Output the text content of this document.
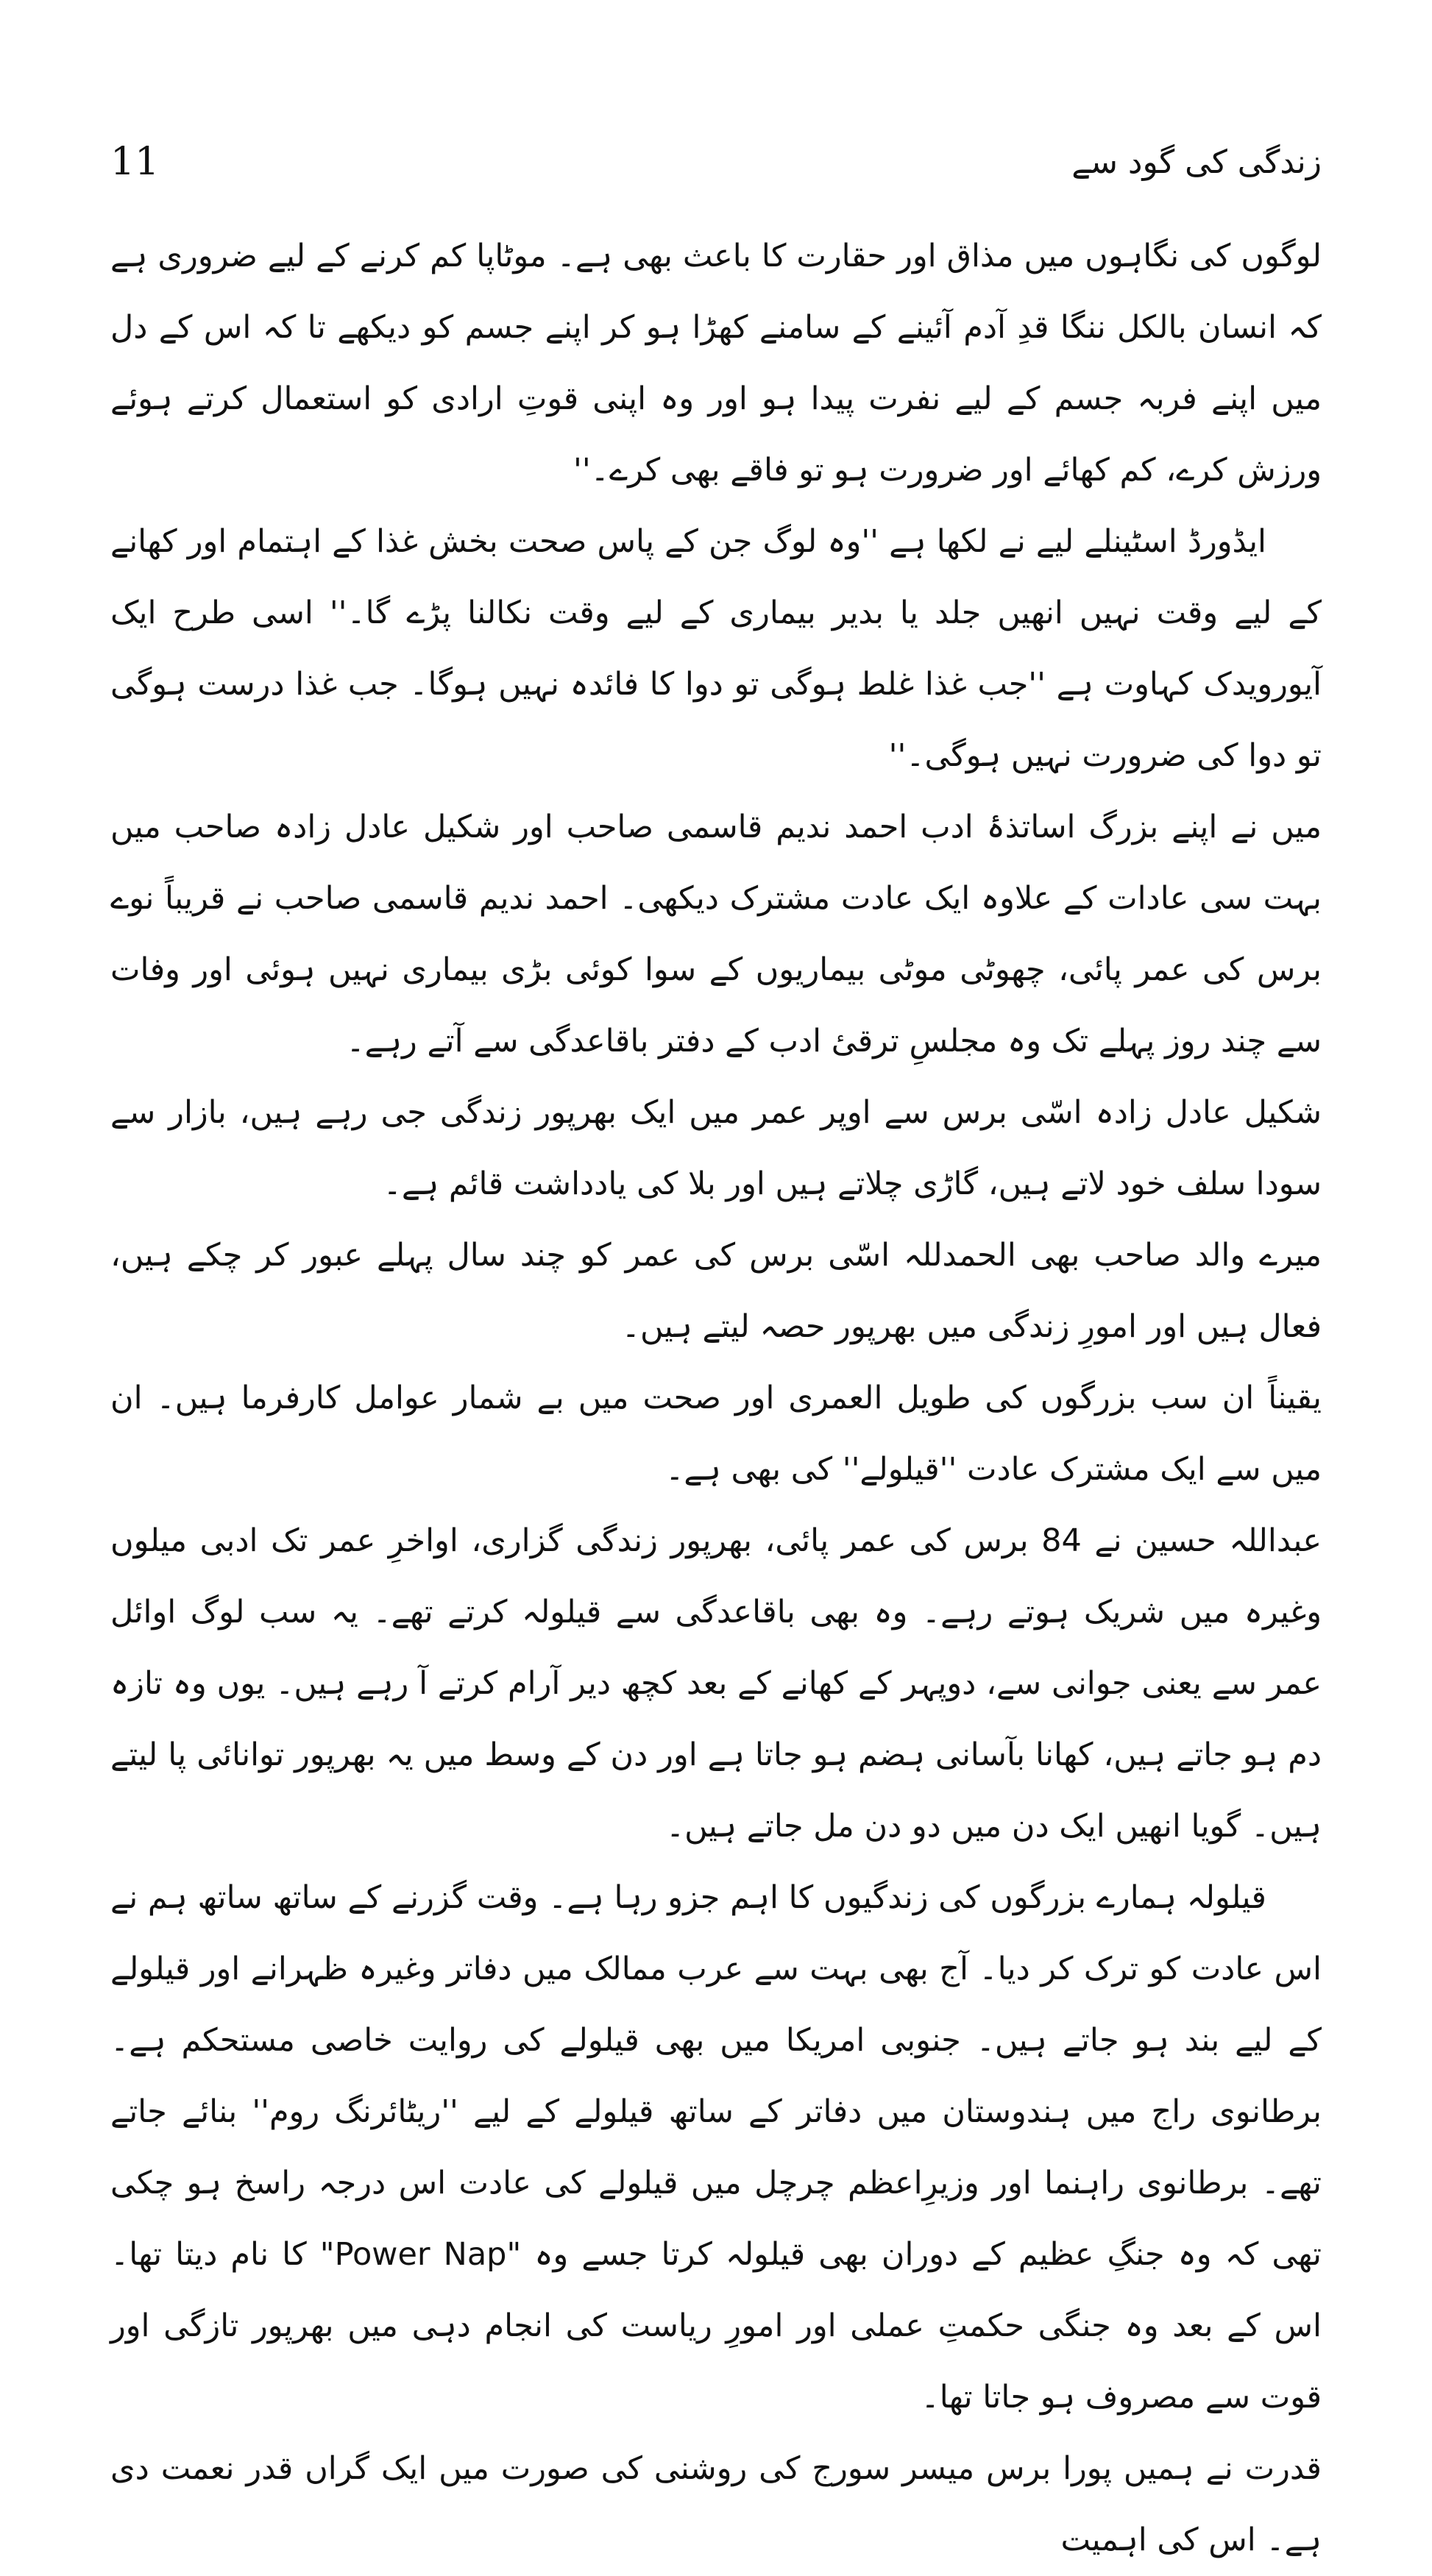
11	زندگی کی گود سے

لوگوں کی نگاہوں میں مذاق اور حقارت کا باعث بھی ہے۔ موٹاپا کم کرنے کے لیے ضروری ہے کہ انسان بالکل ننگا قدِ آدم آئینے کے سامنے کھڑا ہو کر اپنے جسم کو دیکھے تا کہ اس کے دل میں اپنے فربہ جسم کے لیے نفرت پیدا ہو اور وہ اپنی قوتِ ارادی کو استعمال کرتے ہوئے ورزش کرے، کم کھائے اور ضرورت ہو تو فاقے بھی کرے۔''

ایڈورڈ اسٹینلے لیے نے لکھا ہے ''وہ لوگ جن کے پاس صحت بخش غذا کے اہتمام اور کھانے کے لیے وقت نہیں انھیں جلد یا بدیر بیماری کے لیے وقت نکالنا پڑے گا۔'' اسی طرح ایک آیورویدک کہاوت ہے ''جب غذا غلط ہوگی تو دوا کا فائدہ نہیں ہوگا۔ جب غذا درست ہوگی تو دوا کی ضرورت نہیں ہوگی۔''

میں نے اپنے بزرگ اساتذۂ ادب احمد ندیم قاسمی صاحب اور شکیل عادل زادہ صاحب میں بہت سی عادات کے علاوہ ایک عادت مشترک دیکھی۔ احمد ندیم قاسمی صاحب نے قریباً نوے برس کی عمر پائی، چھوٹی موٹی بیماریوں کے سوا کوئی بڑی بیماری نہیں ہوئی اور وفات سے چند روز پہلے تک وہ مجلسِ ترقیٔ ادب کے دفتر باقاعدگی سے آتے رہے۔

شکیل عادل زادہ اسّی برس سے اوپر عمر میں ایک بھرپور زندگی جی رہے ہیں، بازار سے سودا سلف خود لاتے ہیں، گاڑی چلاتے ہیں اور بلا کی یادداشت قائم ہے۔

میرے والد صاحب بھی الحمدللہ اسّی برس کی عمر کو چند سال پہلے عبور کر چکے ہیں، فعال ہیں اور امورِ زندگی میں بھرپور حصہ لیتے ہیں۔

یقیناً ان سب بزرگوں کی طویل العمری اور صحت میں بے شمار عوامل کارفرما ہیں۔ ان میں سے ایک مشترک عادت ''قیلولے'' کی بھی ہے۔

عبداللہ حسین نے 84 برس کی عمر پائی، بھرپور زندگی گزاری، اواخرِ عمر تک ادبی میلوں وغیرہ میں شریک ہوتے رہے۔ وہ بھی باقاعدگی سے قیلولہ کرتے تھے۔ یہ سب لوگ اوائل عمر سے یعنی جوانی سے، دوپہر کے کھانے کے بعد کچھ دیر آرام کرتے آ رہے ہیں۔ یوں وہ تازہ دم ہو جاتے ہیں، کھانا بآسانی ہضم ہو جاتا ہے اور دن کے وسط میں یہ بھرپور توانائی پا لیتے ہیں۔ گویا انھیں ایک دن میں دو دن مل جاتے ہیں۔

قیلولہ ہمارے بزرگوں کی زندگیوں کا اہم جزو رہا ہے۔ وقت گزرنے کے ساتھ ساتھ ہم نے اس عادت کو ترک کر دیا۔ آج بھی بہت سے عرب ممالک میں دفاتر وغیرہ ظہرانے اور قیلولے کے لیے بند ہو جاتے ہیں۔ جنوبی امریکا میں بھی قیلولے کی روایت خاصی مستحکم ہے۔ برطانوی راج میں ہندوستان میں دفاتر کے ساتھ قیلولے کے لیے ''ریٹائرنگ روم'' بنائے جاتے تھے۔ برطانوی راہنما اور وزیرِاعظم چرچل میں قیلولے کی عادت اس درجہ راسخ ہو چکی تھی کہ وہ جنگِ عظیم کے دوران بھی قیلولہ کرتا جسے وہ "Power Nap" کا نام دیتا تھا۔ اس کے بعد وہ جنگی حکمتِ عملی اور امورِ ریاست کی انجام دہی میں بھرپور تازگی اور قوت سے مصروف ہو جاتا تھا۔

قدرت نے ہمیں پورا برس میسر سورج کی روشنی کی صورت میں ایک گراں قدر نعمت دی ہے۔ اس کی اہمیت
